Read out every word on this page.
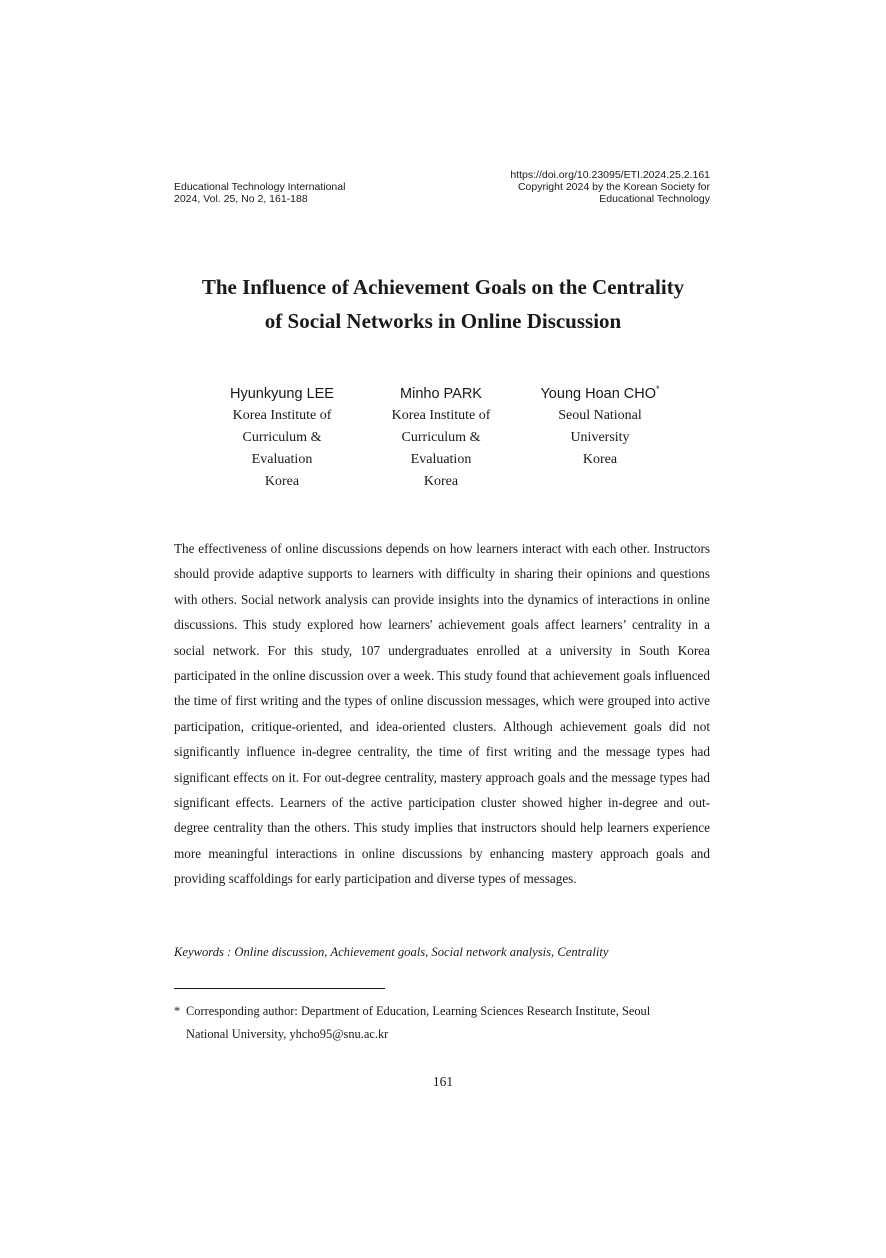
Educational Technology International
2024, Vol. 25, No 2, 161-188
https://doi.org/10.23095/ETI.2024.25.2.161
Copyright 2024 by the Korean Society for
Educational Technology
The Influence of Achievement Goals on the Centrality
of Social Networks in Online Discussion
Hyunkyung LEE
Korea Institute of
Curriculum &
Evaluation
Korea
Minho PARK
Korea Institute of
Curriculum &
Evaluation
Korea
Young Hoan CHO*
Seoul National
University
Korea
The effectiveness of online discussions depends on how learners interact with each other. Instructors should provide adaptive supports to learners with difficulty in sharing their opinions and questions with others. Social network analysis can provide insights into the dynamics of interactions in online discussions. This study explored how learners' achievement goals affect learners’ centrality in a social network. For this study, 107 undergraduates enrolled at a university in South Korea participated in the online discussion over a week. This study found that achievement goals influenced the time of first writing and the types of online discussion messages, which were grouped into active participation, critique-oriented, and idea-oriented clusters. Although achievement goals did not significantly influence in-degree centrality, the time of first writing and the message types had significant effects on it. For out-degree centrality, mastery approach goals and the message types had significant effects. Learners of the active participation cluster showed higher in-degree and out-degree centrality than the others. This study implies that instructors should help learners experience more meaningful interactions in online discussions by enhancing mastery approach goals and providing scaffoldings for early participation and diverse types of messages.
Keywords : Online discussion, Achievement goals, Social network analysis, Centrality
* Corresponding author: Department of Education, Learning Sciences Research Institute, Seoul
National University, yhcho95@snu.ac.kr
161
